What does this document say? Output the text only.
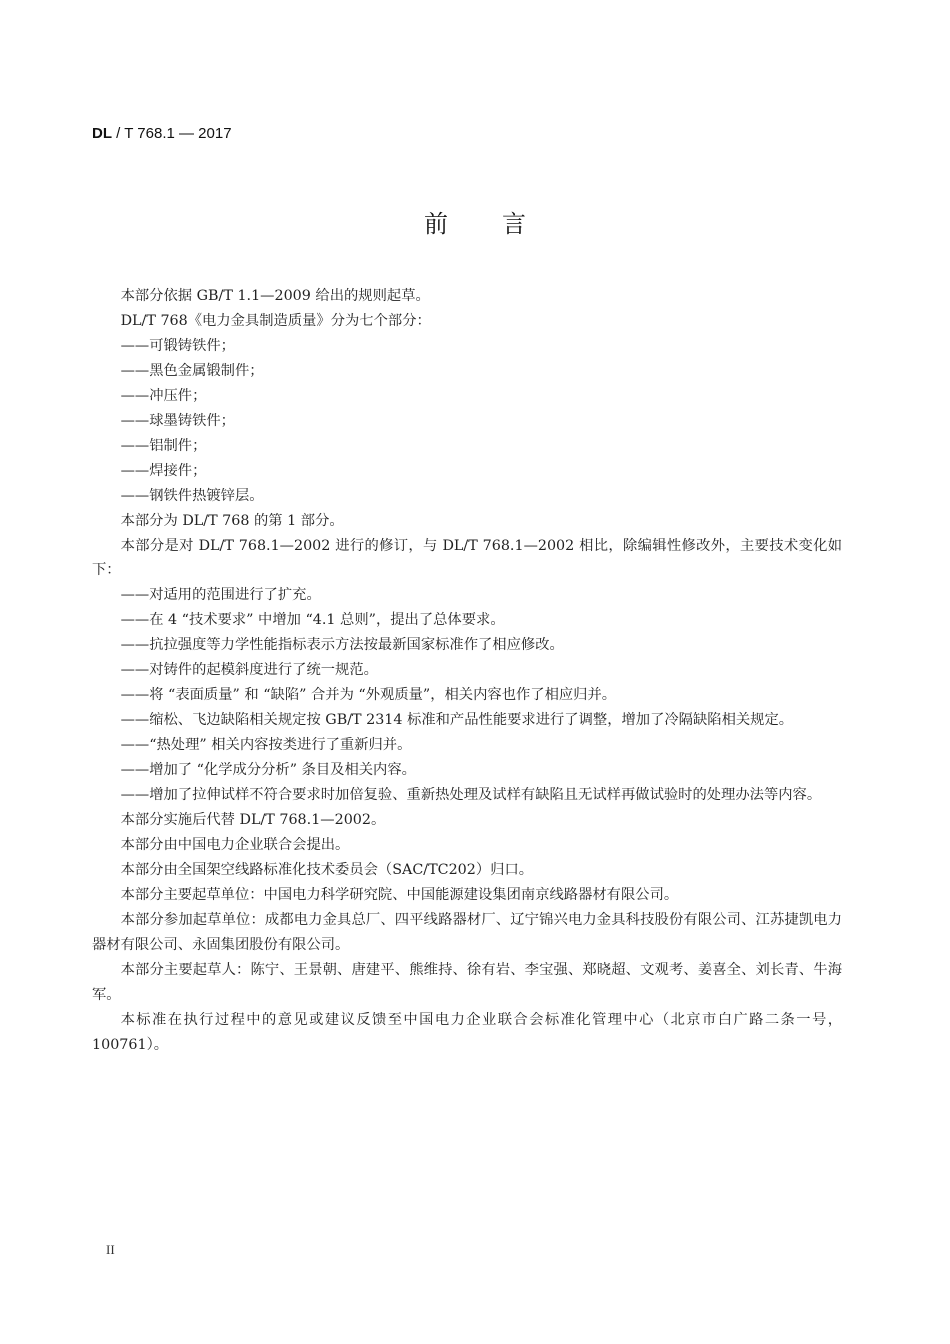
DL / T 768.1 — 2017
前言

本部分依据 GB/T 1.1—2009 给出的规则起草。

DL/T 768《电力金具制造质量》分为七个部分：

——可锻铸铁件；

——黑色金属锻制件；

——冲压件；

——球墨铸铁件；

——铝制件；

——焊接件；

——钢铁件热镀锌层。

本部分为 DL/T 768 的第 1 部分。

本部分是对 DL/T 768.1—2002 进行的修订，与 DL/T 768.1—2002 相比，除编辑性修改外，主要技术变化如下：

——对适用的范围进行了扩充。

——在 4 “技术要求” 中增加 “4.1 总则”，提出了总体要求。

——抗拉强度等力学性能指标表示方法按最新国家标准作了相应修改。

——对铸件的起模斜度进行了统一规范。

——将 “表面质量” 和 “缺陷” 合并为 “外观质量”，相关内容也作了相应归并。

——缩松、飞边缺陷相关规定按 GB/T 2314 标准和产品性能要求进行了调整，增加了冷隔缺陷相关规定。

——“热处理” 相关内容按类进行了重新归并。

——增加了 “化学成分分析” 条目及相关内容。

——增加了拉伸试样不符合要求时加倍复验、重新热处理及试样有缺陷且无试样再做试验时的处理办法等内容。

本部分实施后代替 DL/T 768.1—2002。

本部分由中国电力企业联合会提出。

本部分由全国架空线路标准化技术委员会（SAC/TC202）归口。

本部分主要起草单位：中国电力科学研究院、中国能源建设集团南京线路器材有限公司。

本部分参加起草单位：成都电力金具总厂、四平线路器材厂、辽宁锦兴电力金具科技股份有限公司、江苏捷凯电力器材有限公司、永固集团股份有限公司。

本部分主要起草人：陈宁、王景朝、唐建平、熊维持、徐有岩、李宝强、郑晓超、文观考、姜喜全、刘长青、牛海军。

本标准在执行过程中的意见或建议反馈至中国电力企业联合会标准化管理中心（北京市白广路二条一号，100761）。

II
